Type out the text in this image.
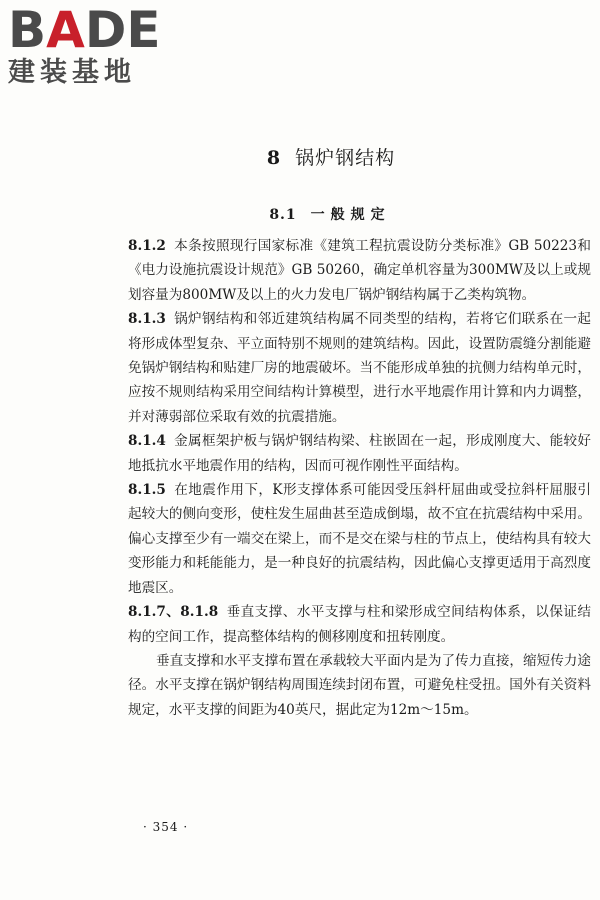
BADE
建装基地
8 锅炉钢结构
8.1 一般规定

8.1.2 本条按照现行国家标准《建筑工程抗震设防分类标准》GB 50223和《电力设施抗震设计规范》GB 50260，确定单机容量为300MW及以上或规划容量为800MW及以上的火力发电厂锅炉钢结构属于乙类构筑物。

8.1.3 锅炉钢结构和邻近建筑结构属不同类型的结构，若将它们联系在一起将形成体型复杂、平立面特别不规则的建筑结构。因此，设置防震缝分割能避免锅炉钢结构和贴建厂房的地震破坏。当不能形成单独的抗侧力结构单元时，应按不规则结构采用空间结构计算模型，进行水平地震作用计算和内力调整，并对薄弱部位采取有效的抗震措施。

8.1.4 金属框架护板与锅炉钢结构梁、柱嵌固在一起，形成刚度大、能较好地抵抗水平地震作用的结构，因而可视作刚性平面结构。

8.1.5 在地震作用下，K形支撑体系可能因受压斜杆屈曲或受拉斜杆屈服引起较大的侧向变形，使柱发生屈曲甚至造成倒塌，故不宜在抗震结构中采用。偏心支撑至少有一端交在梁上，而不是交在梁与柱的节点上，使结构具有较大变形能力和耗能能力，是一种良好的抗震结构，因此偏心支撑更适用于高烈度地震区。

8.1.7、8.1.8 垂直支撑、水平支撑与柱和梁形成空间结构体系，以保证结构的空间工作，提高整体结构的侧移刚度和扭转刚度。

垂直支撑和水平支撑布置在承载较大平面内是为了传力直接，缩短传力途径。水平支撑在锅炉钢结构周围连续封闭布置，可避免柱受扭。国外有关资料规定，水平支撑的间距为40英尺，据此定为12m～15m。

· 354 ·
